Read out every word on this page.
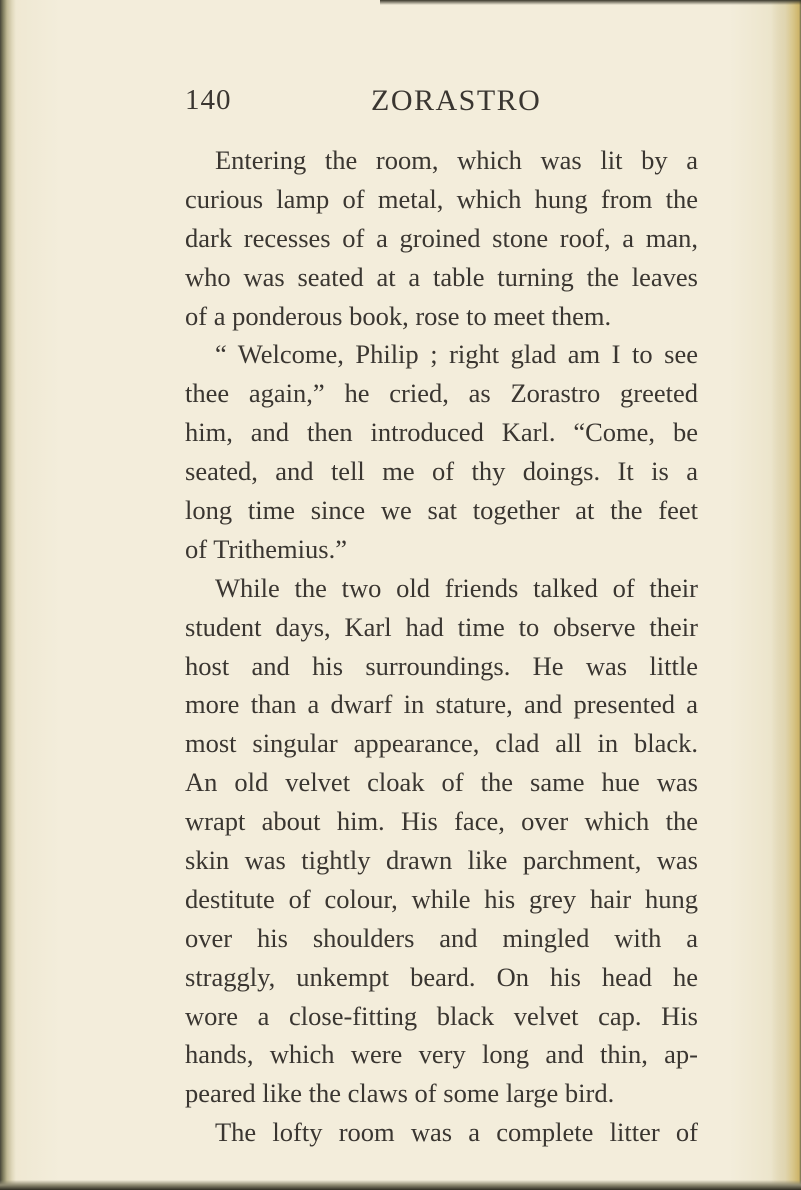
140	ZORASTRO
Entering the room, which was lit by a
curious lamp of metal, which hung from the
dark recesses of a groined stone roof, a man,
who was seated at a table turning the leaves
of a ponderous book, rose to meet them.
“ Welcome, Philip ; right glad am I to see
thee again,” he cried, as Zorastro greeted
him, and then introduced Karl. “Come, be
seated, and tell me of thy doings. It is a
long time since we sat together at the feet
of Trithemius.”
While the two old friends talked of their
student days, Karl had time to observe their
host and his surroundings. He was little
more than a dwarf in stature, and presented a
most singular appearance, clad all in black.
An old velvet cloak of the same hue was
wrapt about him. His face, over which the
skin was tightly drawn like parchment, was
destitute of colour, while his grey hair hung
over his shoulders and mingled with a
straggly, unkempt beard. On his head he
wore a close-fitting black velvet cap. His
hands, which were very long and thin, ap-
peared like the claws of some large bird.
The lofty room was a complete litter of
